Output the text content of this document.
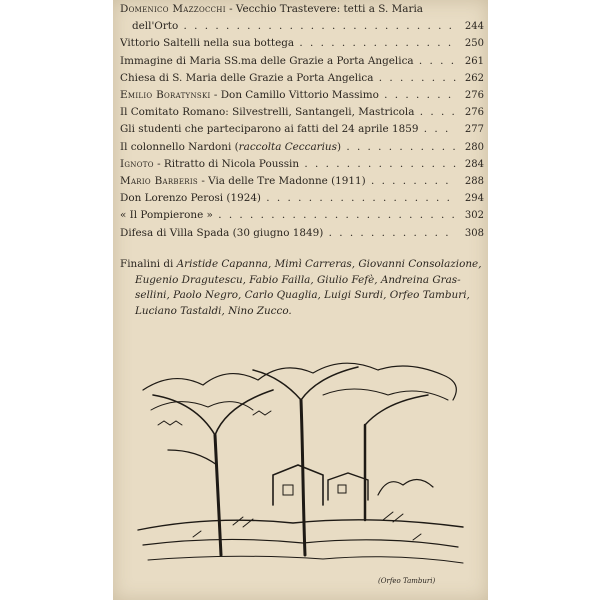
Domenico Mazzocchi - Vecchio Trastevere: tetti a S. Maria
dell'Orto . . .	244
Vittorio Saltelli nella sua bottega . . .	250
Immagine di Maria SS.ma delle Grazie a Porta Angelica . . .	261
Chiesa di S. Maria delle Grazie a Porta Angelica . . .	262
Emilio Boratynski - Don Camillo Vittorio Massimo . . .	276
Il Comitato Romano: Silvestrelli, Santangeli, Mastricola . . .	276
Gli studenti che parteciparono ai fatti del 24 aprile 1859 . . .	277
Il colonnello Nardoni (raccolta Ceccarius) . . .	280
Ignoto - Ritratto di Nicola Poussin . . .	284
Mario Barberis - Via delle Tre Madonne (1911) . . .	288
Don Lorenzo Perosi (1924) . . .	294
« Il Pompierone » . . .	302
Difesa di Villa Spada (30 giugno 1849) . . .	308
Finalini di Aristide Capanna, Mimì Carreras, Giovanni Consolazione,
Eugenio Dragutescu, Fabio Failla, Giulio Fefè, Andreina Gras-
sellini, Paolo Negro, Carlo Quaglia, Luigi Surdi, Orfeo Tamburi,
Luciano Tastaldi, Nino Zucco.
(Orfeo Tamburi)
